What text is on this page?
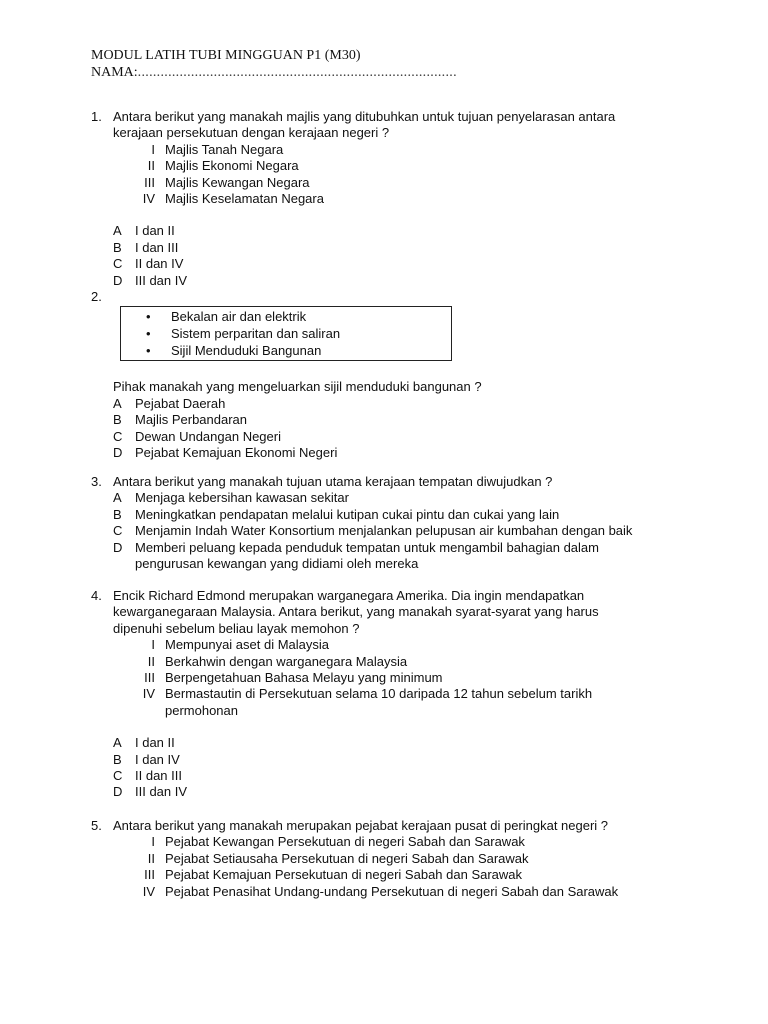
MODUL LATIH TUBI MINGGUAN P1 (M30)
NAMA:....................................................................................
1. Antara berikut yang manakah majlis yang ditubuhkan untuk tujuan penyelarasan antara
kerajaan persekutuan dengan kerajaan negeri ?
I Majlis Tanah Negara
II Majlis Ekonomi Negara
III Majlis Kewangan Negara
IV Majlis Keselamatan Negara
A I dan II
B I dan III
C II dan IV
D III dan IV
2.

• Bekalan air dan elektrik
• Sistem perparitan dan saliran
• Sijil Menduduki Bangunan
Pihak manakah yang mengeluarkan sijil menduduki bangunan ?
A Pejabat Daerah
B Majlis Perbandaran
C Dewan Undangan Negeri
D Pejabat Kemajuan Ekonomi Negeri
3. Antara berikut yang manakah tujuan utama kerajaan tempatan diwujudkan ?
A Menjaga kebersihan kawasan sekitar
B Meningkatkan pendapatan melalui kutipan cukai pintu dan cukai yang lain
C Menjamin Indah Water Konsortium menjalankan pelupusan air kumbahan dengan baik
D Memberi peluang kepada penduduk tempatan untuk mengambil bahagian dalam
pengurusan kewangan yang didiami oleh mereka
4. Encik Richard Edmond merupakan warganegara Amerika. Dia ingin mendapatkan
kewarganegaraan Malaysia. Antara berikut, yang manakah syarat-syarat yang harus
dipenuhi sebelum beliau layak memohon ?
I Mempunyai aset di Malaysia
II Berkahwin dengan warganegara Malaysia
III Berpengetahuan Bahasa Melayu yang minimum
IV Bermastautin di Persekutuan selama 10 daripada 12 tahun sebelum tarikh
permohonan
A I dan II
B I dan IV
C II dan III
D III dan IV
5. Antara berikut yang manakah merupakan pejabat kerajaan pusat di peringkat negeri ?
I Pejabat Kewangan Persekutuan di negeri Sabah dan Sarawak
II Pejabat Setiausaha Persekutuan di negeri Sabah dan Sarawak
III Pejabat Kemajuan Persekutuan di negeri Sabah dan Sarawak
IV Pejabat Penasihat Undang-undang Persekutuan di negeri Sabah dan Sarawak
